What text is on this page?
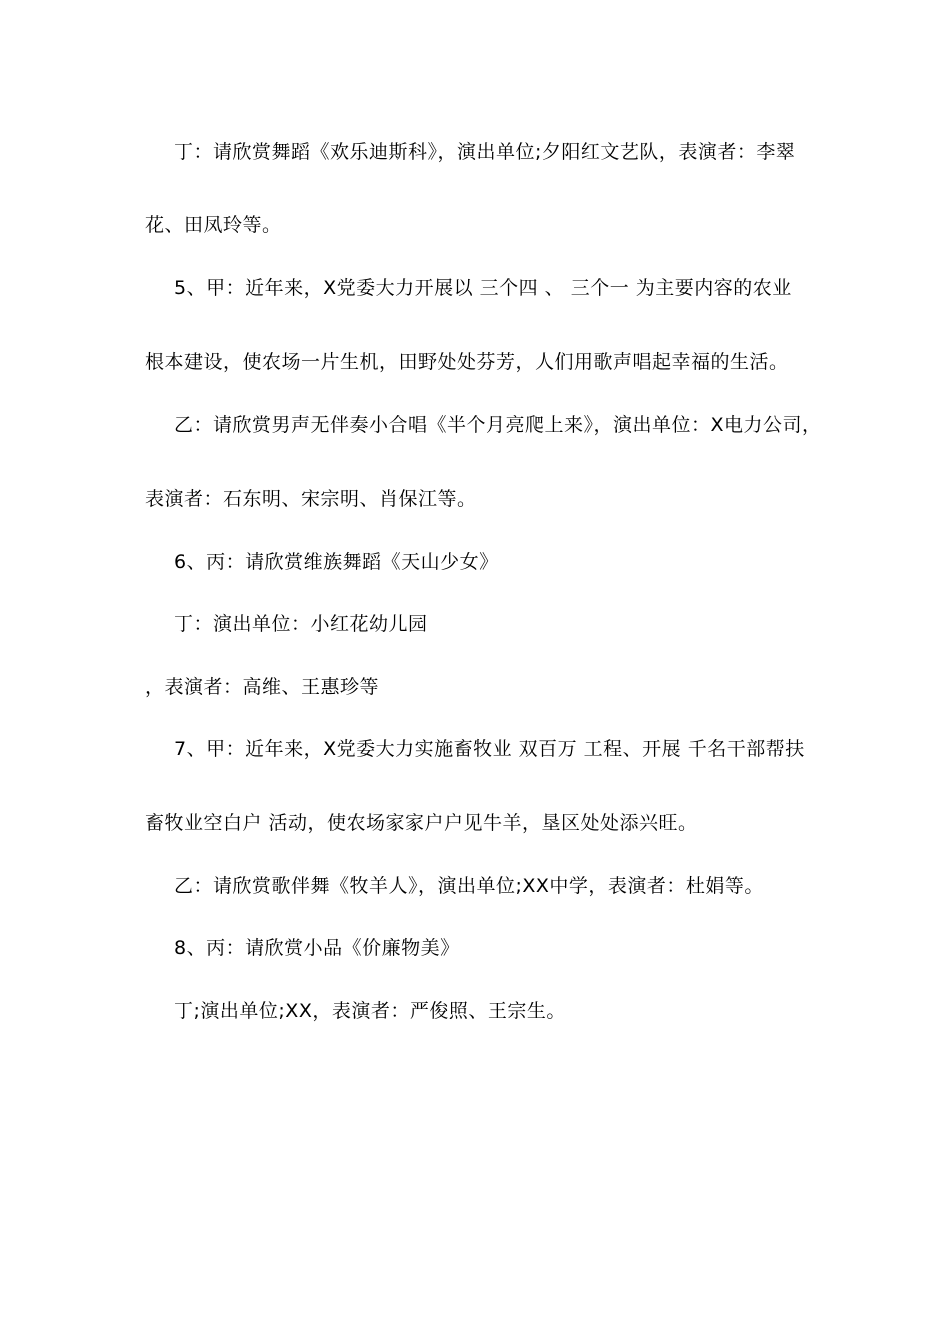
丁：请欣赏舞蹈《欢乐迪斯科》，演出单位;夕阳红文艺队，表演者：李翠
花、田凤玲等。
5、甲：近年来，X党委大力开展以 三个四 、 三个一 为主要内容的农业
根本建设，使农场一片生机，田野处处芬芳，人们用歌声唱起幸福的生活。
乙：请欣赏男声无伴奏小合唱《半个月亮爬上来》，演出单位：X电力公司，
表演者：石东明、宋宗明、肖保江等。
6、丙：请欣赏维族舞蹈《天山少女》
丁：演出单位：小红花幼儿园
，表演者：高维、王惠珍等
7、甲：近年来，X党委大力实施畜牧业 双百万 工程、开展 千名干部帮扶
畜牧业空白户 活动，使农场家家户户见牛羊，垦区处处添兴旺。
乙：请欣赏歌伴舞《牧羊人》，演出单位;XX中学，表演者：杜娟等。
8、丙：请欣赏小品《价廉物美》
丁;演出单位;XX，表演者：严俊照、王宗生。
